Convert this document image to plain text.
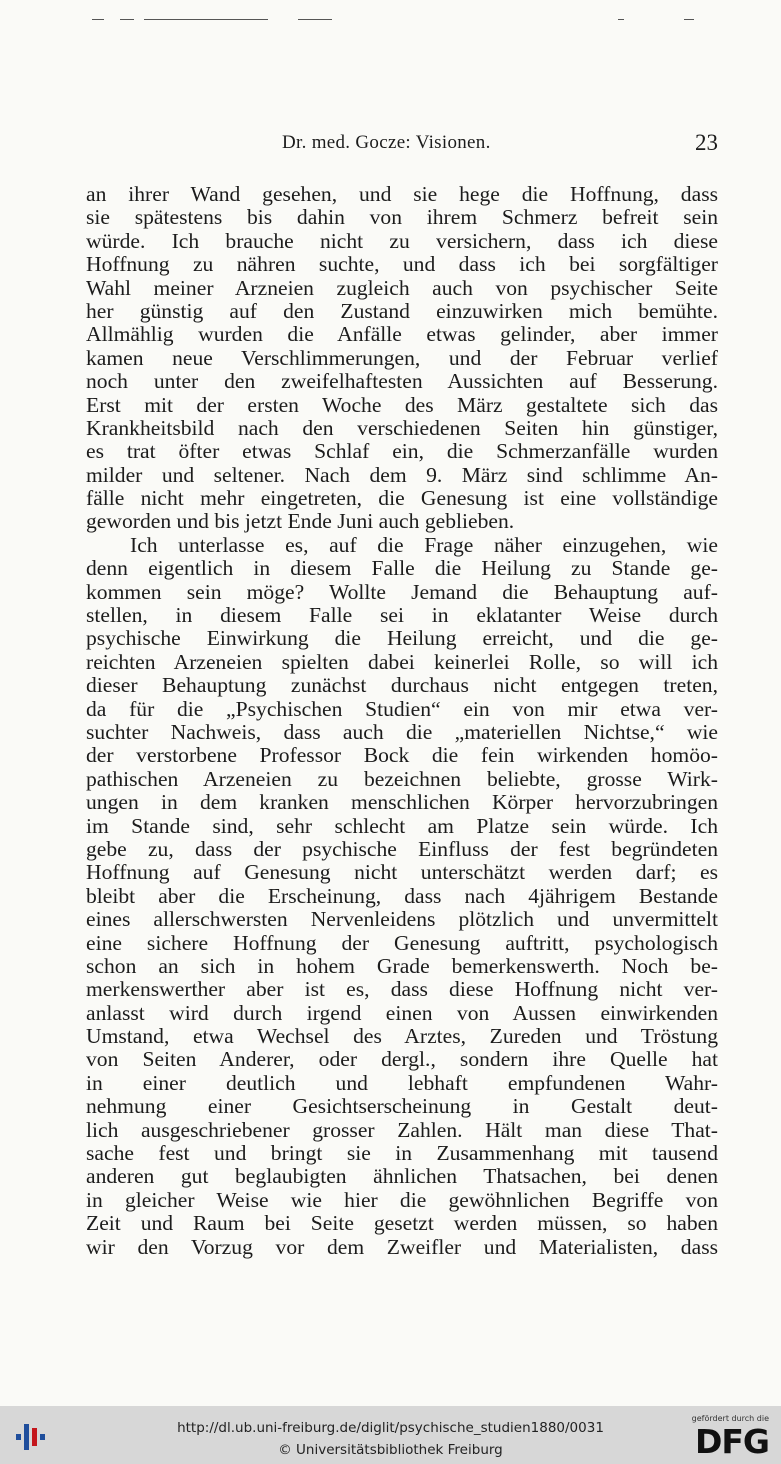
Dr. med. Gocze: Visionen.	23
an ihrer Wand gesehen, und sie hege die Hoffnung, dass
sie spätestens bis dahin von ihrem Schmerz befreit sein
würde. Ich brauche nicht zu versichern, dass ich diese
Hoffnung zu nähren suchte, und dass ich bei sorgfältiger
Wahl meiner Arzneien zugleich auch von psychischer Seite
her günstig auf den Zustand einzuwirken mich bemühte.
Allmählig wurden die Anfälle etwas gelinder, aber immer
kamen neue Verschlimmerungen, und der Februar verlief
noch unter den zweifelhaftesten Aussichten auf Besserung.
Erst mit der ersten Woche des März gestaltete sich das
Krankheitsbild nach den verschiedenen Seiten hin günstiger,
es trat öfter etwas Schlaf ein, die Schmerzanfälle wurden
milder und seltener. Nach dem 9. März sind schlimme An-
fälle nicht mehr eingetreten, die Genesung ist eine vollständige
geworden und bis jetzt Ende Juni auch geblieben.
Ich unterlasse es, auf die Frage näher einzugehen, wie
denn eigentlich in diesem Falle die Heilung zu Stande ge-
kommen sein möge? Wollte Jemand die Behauptung auf-
stellen, in diesem Falle sei in eklatanter Weise durch
psychische Einwirkung die Heilung erreicht, und die ge-
reichten Arzeneien spielten dabei keinerlei Rolle, so will ich
dieser Behauptung zunächst durchaus nicht entgegen treten,
da für die „Psychischen Studien“ ein von mir etwa ver-
suchter Nachweis, dass auch die „materiellen Nichtse,“ wie
der verstorbene Professor Bock die fein wirkenden homöo-
pathischen Arzeneien zu bezeichnen beliebte, grosse Wirk-
ungen in dem kranken menschlichen Körper hervorzubringen
im Stande sind, sehr schlecht am Platze sein würde. Ich
gebe zu, dass der psychische Einfluss der fest begründeten
Hoffnung auf Genesung nicht unterschätzt werden darf; es
bleibt aber die Erscheinung, dass nach 4jährigem Bestande
eines allerschwersten Nervenleidens plötzlich und unvermittelt
eine sichere Hoffnung der Genesung auftritt, psychologisch
schon an sich in hohem Grade bemerkenswerth. Noch be-
merkenswerther aber ist es, dass diese Hoffnung nicht ver-
anlasst wird durch irgend einen von Aussen einwirkenden
Umstand, etwa Wechsel des Arztes, Zureden und Tröstung
von Seiten Anderer, oder dergl., sondern ihre Quelle hat
in einer deutlich und lebhaft empfundenen Wahr-
nehmung einer Gesichtserscheinung in Gestalt deut-
lich ausgeschriebener grosser Zahlen. Hält man diese That-
sache fest und bringt sie in Zusammenhang mit tausend
anderen gut beglaubigten ähnlichen Thatsachen, bei denen
in gleicher Weise wie hier die gewöhnlichen Begriffe von
Zeit und Raum bei Seite gesetzt werden müssen, so haben
wir den Vorzug vor dem Zweifler und Materialisten, dass
http://dl.ub.uni-freiburg.de/diglit/psychische_studien1880/0031
© Universitätsbibliothek Freiburg
gefördert durch die
DFG
